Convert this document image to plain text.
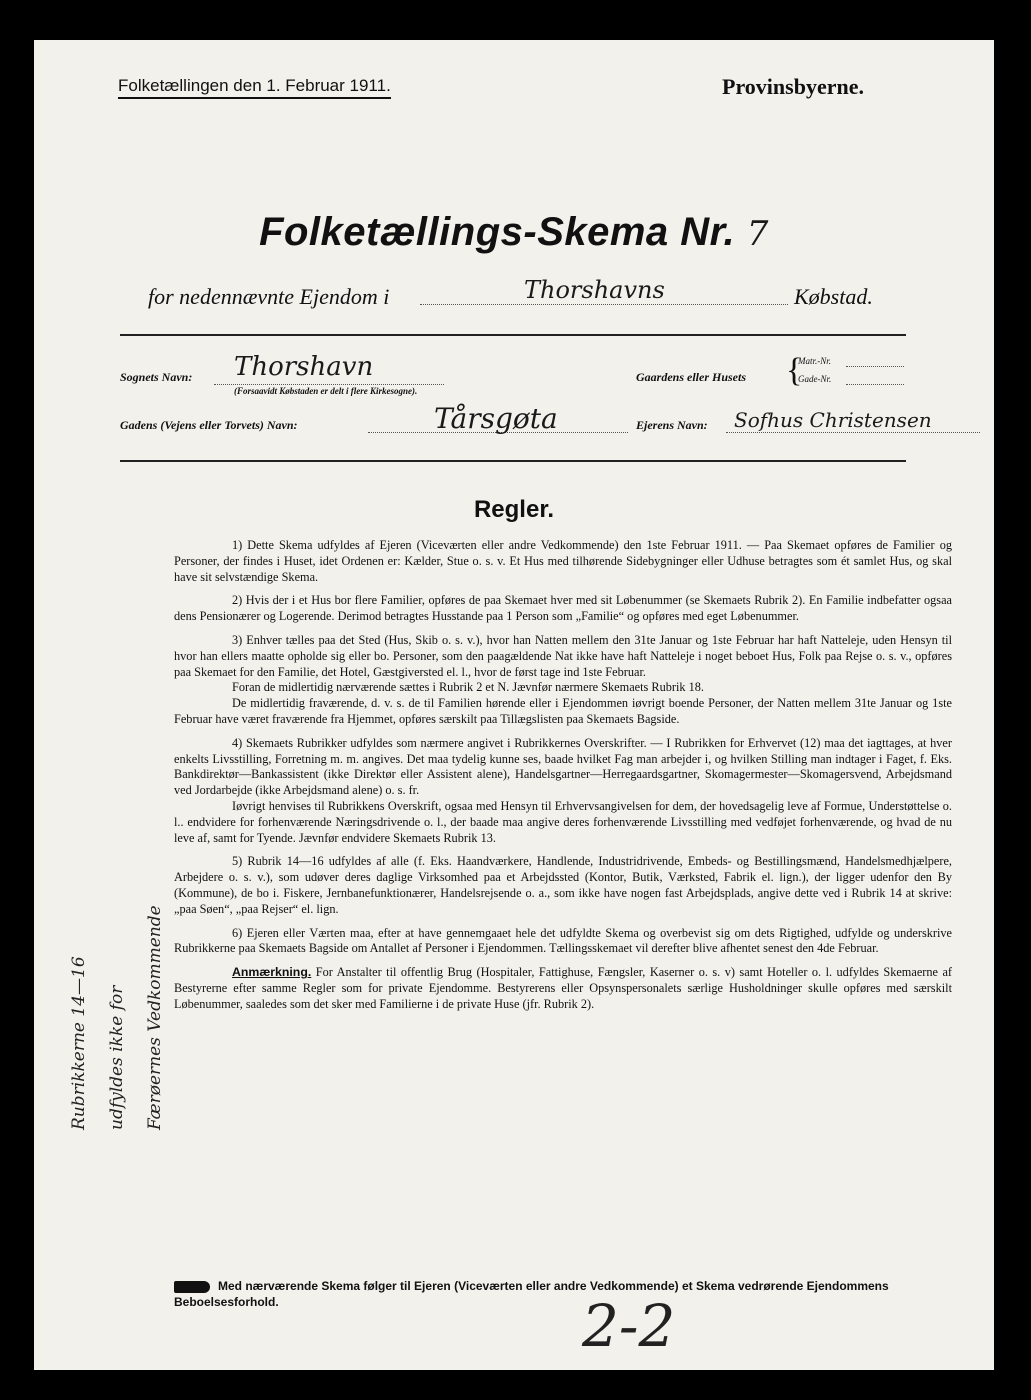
Folketællingen den 1. Februar 1911.	Provinsbyerne.
Folketællings-Skema Nr. 7
for nedennævnte Ejendom i	Thorshavns	Købstad.
Sognets Navn: Thorshavn
(Forsaavidt Købstaden er delt i flere Kirkesogne).
Gaardens eller Husets {
Matr.-Nr.
Gade-Nr.
Gadens (Vejens eller Torvets) Navn:	Tårsgøta	Ejerens Navn: Sofhus Christensen
Regler.

1) Dette Skema udfyldes af Ejeren (Viceværten eller andre Vedkommende) den 1ste Februar 1911. — Paa Skemaet opføres de Familier og Personer, der findes i Huset, idet Ordenen er: Kælder, Stue o. s. v. Et Hus med tilhørende Sidebygninger eller Udhuse betragtes som ét samlet Hus, og skal have sit selvstændige Skema.

2) Hvis der i et Hus bor flere Familier, opføres de paa Skemaet hver med sit Løbenummer (se Skemaets Rubrik 2). En Familie indbefatter ogsaa dens Pensionærer og Logerende. Derimod betragtes Husstande paa 1 Person som „Familie“ og opføres med eget Løbenummer.

3) Enhver tælles paa det Sted (Hus, Skib o. s. v.), hvor han Natten mellem den 31te Januar og 1ste Februar har haft Natteleje, uden Hensyn til hvor han ellers maatte opholde sig eller bo. Personer, som den paagældende Nat ikke have haft Natteleje i noget beboet Hus, Folk paa Rejse o. s. v., opføres paa Skemaet for den Familie, det Hotel, Gæstgiversted el. l., hvor de først tage ind 1ste Februar.

Foran de midlertidig nærværende sættes i Rubrik 2 et N. Jævnfør nærmere Skemaets Rubrik 18.

De midlertidig fraværende, d. v. s. de til Familien hørende eller i Ejendommen iøvrigt boende Personer, der Natten mellem 31te Januar og 1ste Februar have været fraværende fra Hjemmet, opføres særskilt paa Tillægslisten paa Skemaets Bagside.

4) Skemaets Rubrikker udfyldes som nærmere angivet i Rubrikkernes Overskrifter. — I Rubrikken for Erhvervet (12) maa det iagttages, at hver enkelts Livsstilling, Forretning m. m. angives. Det maa tydelig kunne ses, baade hvilket Fag man arbejder i, og hvilken Stilling man indtager i Faget, f. Eks. Bankdirektør—Bankassistent (ikke Direktør eller Assistent alene), Handelsgartner—Herregaardsgartner, Skomagermester—Skomagersvend, Arbejdsmand ved Jordarbejde (ikke Arbejdsmand alene) o. s. fr.

Iøvrigt henvises til Rubrikkens Overskrift, ogsaa med Hensyn til Erhvervsangivelsen for dem, der hovedsagelig leve af Formue, Understøttelse o. l.. endvidere for forhenværende Næringsdrivende o. l., der baade maa angive deres forhenværende Livsstilling med vedføjet forhenværende, og hvad de nu leve af, samt for Tyende. Jævnfør endvidere Skemaets Rubrik 13.

5) Rubrik 14—16 udfyldes af alle (f. Eks. Haandværkere, Handlende, Industridrivende, Embeds- og Bestillingsmænd, Handelsmedhjælpere, Arbejdere o. s. v.), som udøver deres daglige Virksomhed paa et Arbejdssted (Kontor, Butik, Værksted, Fabrik el. lign.), der ligger udenfor den By (Kommune), de bo i. Fiskere, Jernbanefunktionærer, Handelsrejsende o. a., som ikke have nogen fast Arbejdsplads, angive dette ved i Rubrik 14 at skrive: „paa Søen“, „paa Rejser“ el. lign.

6) Ejeren eller Værten maa, efter at have gennemgaaet hele det udfyldte Skema og overbevist sig om dets Rigtighed, udfylde og underskrive Rubrikkerne paa Skemaets Bagside om Antallet af Personer i Ejendommen. Tællingsskemaet vil derefter blive afhentet senest den 4de Februar.

Anmærkning. For Anstalter til offentlig Brug (Hospitaler, Fattighuse, Fængsler, Kaserner o. s. v) samt Hoteller o. l. udfyldes Skemaerne af Bestyrerne efter samme Regler som for private Ejendomme. Bestyrerens eller Opsynspersonalets særlige Husholdninger skulle opføres med særskilt Løbenummer, saaledes som det sker med Familierne i de private Huse (jfr. Rubrik 2).

Rubrikkerne 14—16	udfyldes ikke for	Færøernes Vedkommende
Med nærværende Skema følger til Ejeren (Viceværten eller andre Vedkommende) et Skema vedrørende Ejendommens Beboelsesforhold.	2-2
